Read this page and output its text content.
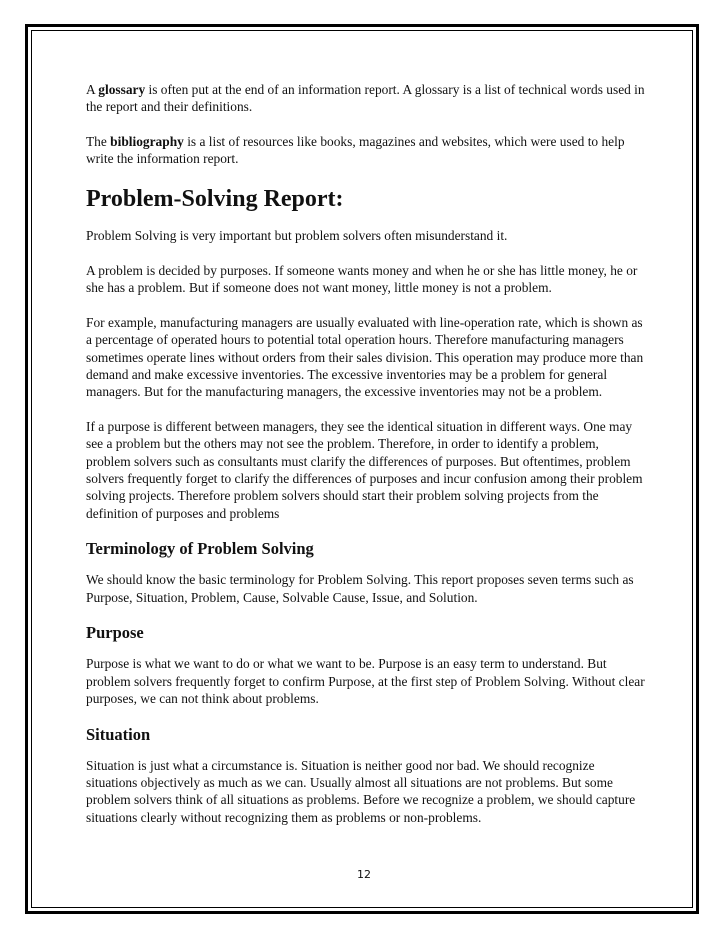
A glossary is often put at the end of an information report. A glossary is a list of technical words used in the report and their definitions.

The bibliography is a list of resources like books, magazines and websites, which were used to help write the information report.

Problem-Solving Report:

Problem Solving is very important but problem solvers often misunderstand it.

A problem is decided by purposes. If someone wants money and when he or she has little money, he or she has a problem. But if someone does not want money, little money is not a problem.

For example, manufacturing managers are usually evaluated with line-operation rate, which is shown as a percentage of operated hours to potential total operation hours. Therefore manufacturing managers sometimes operate lines without orders from their sales division. This operation may produce more than demand and make excessive inventories. The excessive inventories may be a problem for general managers. But for the manufacturing managers, the excessive inventories may not be a problem.

If a purpose is different between managers, they see the identical situation in different ways. One may see a problem but the others may not see the problem. Therefore, in order to identify a problem, problem solvers such as consultants must clarify the differences of purposes. But oftentimes, problem solvers frequently forget to clarify the differences of purposes and incur confusion among their problem solving projects. Therefore problem solvers should start their problem solving projects from the definition of purposes and problems

Terminology of Problem Solving

We should know the basic terminology for Problem Solving. This report proposes seven terms such as Purpose, Situation, Problem, Cause, Solvable Cause, Issue, and Solution.

Purpose

Purpose is what we want to do or what we want to be. Purpose is an easy term to understand. But problem solvers frequently forget to confirm Purpose, at the first step of Problem Solving. Without clear purposes, we can not think about problems.

Situation

Situation is just what a circumstance is. Situation is neither good nor bad. We should recognize situations objectively as much as we can. Usually almost all situations are not problems. But some problem solvers think of all situations as problems. Before we recognize a problem, we should capture situations clearly without recognizing them as problems or non-problems.

12
